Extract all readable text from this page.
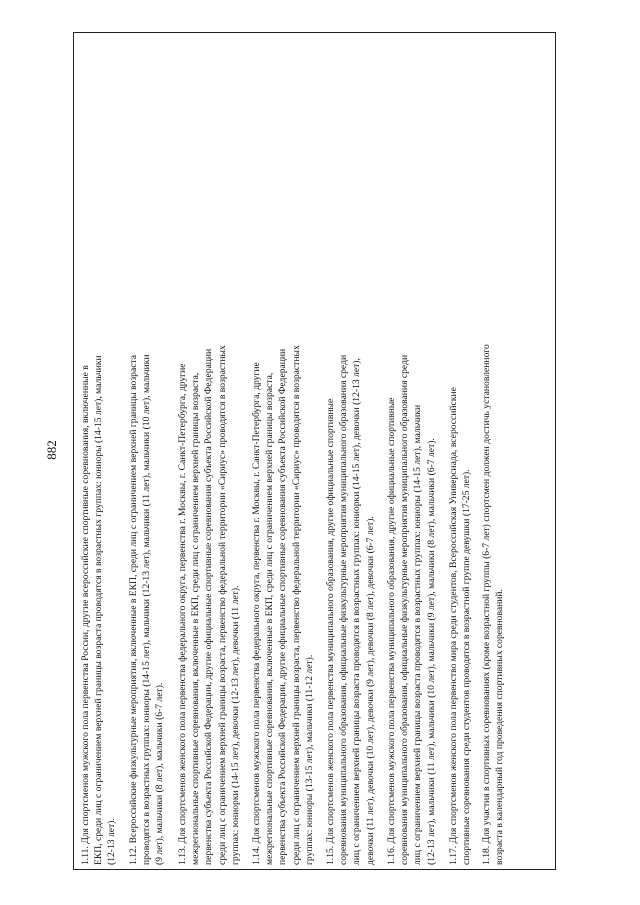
882 1.11. Для спортсменов мужского пола первенства России, другие всероссийские спортивные соревнования, включенные в ЕКП, среди лиц с ограничением верхней границы возраста проводятся в возрастных группах: юниоры (14-15 лет), мальчики (12-13 лет). 1.12. Всероссийские физкультурные мероприятия, включенные в ЕКП, среди лиц с ограничением верхней границы возраста проводятся в возрастных группах: юниоры (14-15 лет), мальчики (12-13 лет), мальчики (11 лет), мальчики (10 лет), мальчики (9 лет), мальчики (8 лет), мальчики (6-7 лет). 1.13. Для спортсменов женского пола первенства федерального округа, первенства г. Москвы, г. Санкт-Петербурга, другие межрегиональные спортивные соревнования, включенные в ЕКП, среди лиц с ограничением верхней границы возраста, первенства субъекта Российской Федерации, другие официальные спортивные соревнования субъекта Российской Федерации среди лиц с ограничением верхней границы возраста, первенство федеральной территории «Сириус» проводятся в возрастных группах: юниорки (14-15 лет), девочки (12-13 лет), девочки (11 лет). 1.14. Для спортсменов мужского пола первенства федерального округа, первенства г. Москвы, г. Санкт-Петербурга, другие межрегиональные спортивные соревнования, включенные в ЕКП, среди лиц с ограничением верхней границы возраста, первенства субъекта Российской Федерации, другие официальные спортивные соревнования субъекта Российской Федерации среди лиц с ограничением верхней границы возраста, первенство федеральной территории «Сириус» проводятся в возрастных группах: юниоры (13-15 лет), мальчики (11-12 лет). 1.15. Для спортсменов женского пола первенства муниципального образования, другие официальные спортивные соревнования муниципального образования, официальные физкультурные мероприятия муниципального образования среди лиц с ограничением верхней границы возраста проводятся в возрастных группах: юниорки (14-15 лет), девочки (12-13 лет), девочки (11 лет), девочки (10 лет), девочки (9 лет), девочки (8 лет), девочки (6-7 лет). 1.16. Для спортсменов мужского пола первенства муниципального образования, другие официальные спортивные соревнования муниципального образования, официальные физкультурные мероприятия муниципального образования среди лиц с ограничением верхней границы возраста проводятся в возрастных группах: юниоры (14-15 лет), мальчики (12-13 лет), мальчики (11 лет), мальчики (10 лет), мальчики (9 лет), мальчики (8 лет), мальчики (6-7 лет). 1.17. Для спортсменов женского пола первенство мира среди студентов, Всероссийская Универсиада, всероссийские спортивные соревнования среди студентов проводятся в возрастной группе девушки (17-25 лет). 1.18. Для участия в спортивных соревнованиях (кроме возрастной группы (6-7 лет) спортсмен должен достичь установленного возраста в календарный год проведения спортивных соревнований.
